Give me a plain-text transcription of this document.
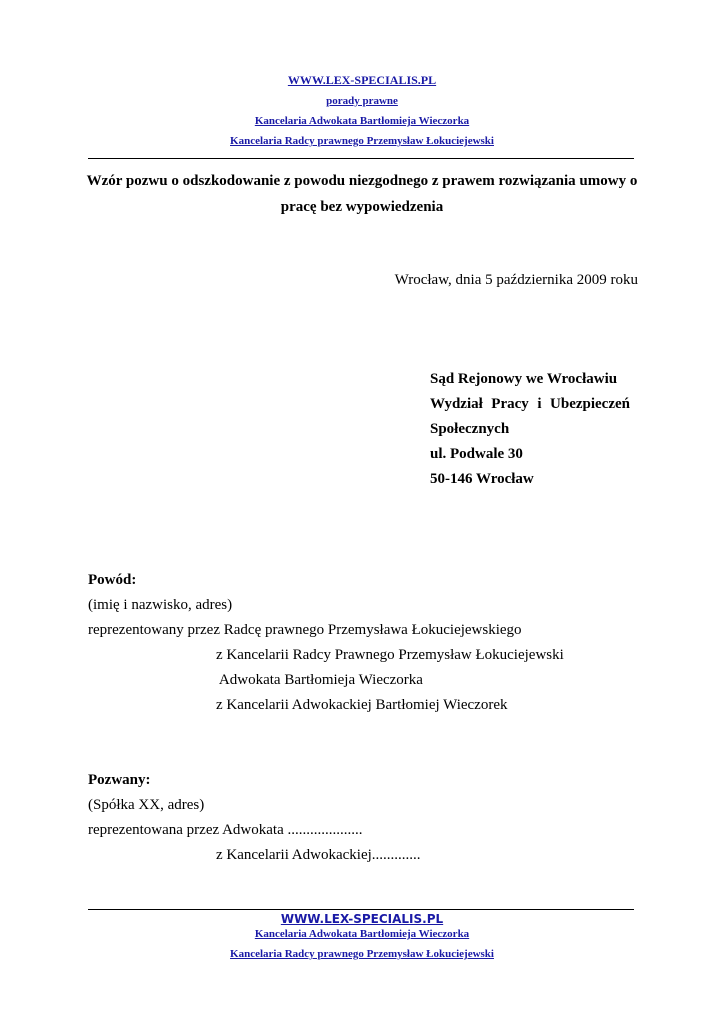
WWW.LEX-SPECIALIS.PL
porady prawne
Kancelaria Adwokata Bartłomieja Wieczorka
Kancelaria Radcy prawnego Przemysław Łokuciejewski
Wzór pozwu o odszkodowanie z powodu niezgodnego z prawem rozwiązania umowy o
pracę bez wypowiedzenia
Wrocław, dnia 5 października 2009 roku
Sąd Rejonowy we Wrocławiu
Wydział Pracy i Ubezpieczeń
Społecznych
ul. Podwale 30
50-146 Wrocław
Powód:
(imię i nazwisko, adres)
reprezentowany przez Radcę prawnego Przemysława Łokuciejewskiego
z Kancelarii Radcy Prawnego Przemysław Łokuciejewski
Adwokata Bartłomieja Wieczorka
z Kancelarii Adwokackiej Bartłomiej Wieczorek
Pozwany:
(Spółka XX, adres)
reprezentowana przez Adwokata ....................
z Kancelarii Adwokackiej.............
WWW.LEX-SPECIALIS.PL
Kancelaria Adwokata Bartłomieja Wieczorka
Kancelaria Radcy prawnego Przemysław Łokuciejewski
